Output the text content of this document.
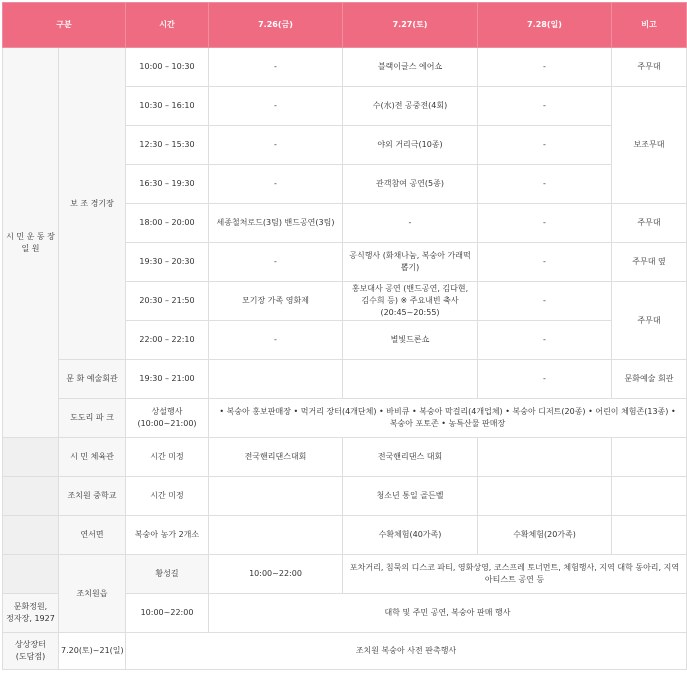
구분		시간	7.26(금)	7.27(토)	7.28(일)	비고
시 민 운 동 장 일 원	보 조 경기장	10:00 – 10:30	-	블랙이글스 에어쇼	-	주무대
		10:30 – 16:10	-	수(水)전 공중전(4회)	-	보조무대
		12:30 – 15:30	-	야외 거리극(10종)	-	
		16:30 – 19:30	-	관객참여 공연(5종)	-	
		18:00 – 20:00	세종철처로드(3팀) 밴드공연(3팀)	-	-	주무대
		19:30 – 20:30	-	공식행사 (화채나눔, 복숭아 가래떡 뽑기)	-	주무대 옆
		20:30 – 21:50	모기장 가족 영화제	홍보대사 공연 (밴드공연, 김다현, 김수희 등) ※ 주요내빈 축사 (20:45~20:55)	-	주무대
		22:00 – 22:10	-	별빛드론쇼	-	
	문 화 예술회관	19:30 – 21:00			-	문화예술 회관
	도도리 파 크	상설행사 (10:00~21:00)	• 복숭아 홍보판매장 • 먹거리 장터(4개단체) • 바비큐 • 복숭아 막걸리(4개업체) • 복숭아 디저트(20종) • 어린이 체험존(13종) • 복숭아 포토존 • 농특산물 판매장			
	시 민 체육관	시간 미정	전국핸리댄스대회	전국핸리댄스 대회		
	조치원 중학교	시간 미정		청소년 통일 골든벨		
	연서면	복숭아 농가 2개소		수확체험(40가족)	수확체험(20가족)	
	조치원읍	황성길	10:00~22:00	포차거리, 침묵의 디스코 파티, 영화상영, 코스프레 토너먼트, 체험행사, 지역 대학 동아리, 지역 아티스트 공연 등		
문화정원, 정자장, 1927		10:00~22:00	대학 및 주민 공연, 복숭아 판매 행사			
상상장터 (도담점)	7.20(토)~21(일)	조치원 복숭아 사전 판촉행사				
